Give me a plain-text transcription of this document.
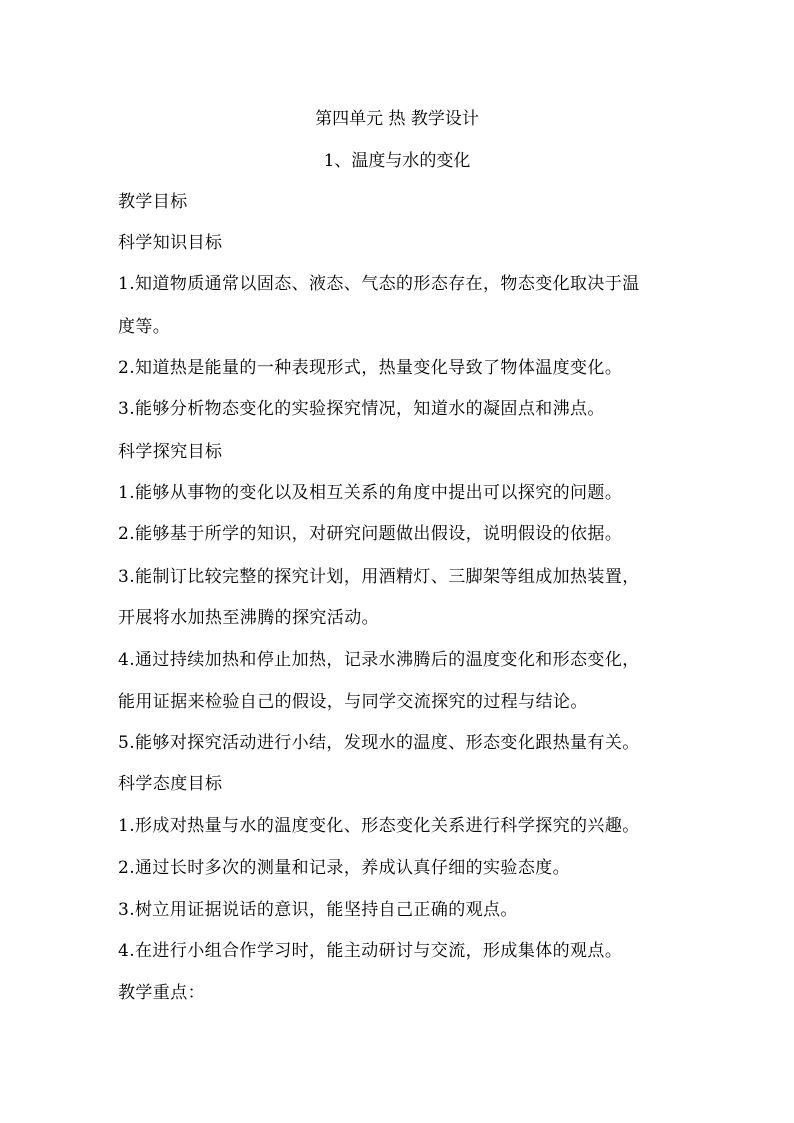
第四单元 热 教学设计
1、温度与水的变化
教学目标
科学知识目标
1.知道物质通常以固态、液态、气态的形态存在，物态变化取决于温
度等。
2.知道热是能量的一种表现形式，热量变化导致了物体温度变化。
3.能够分析物态变化的实验探究情况，知道水的凝固点和沸点。
科学探究目标
1.能够从事物的变化以及相互关系的角度中提出可以探究的问题。
2.能够基于所学的知识，对研究问题做出假设，说明假设的依据。
3.能制订比较完整的探究计划，用酒精灯、三脚架等组成加热装置，
开展将水加热至沸腾的探究活动。
4.通过持续加热和停止加热，记录水沸腾后的温度变化和形态变化，
能用证据来检验自己的假设，与同学交流探究的过程与结论。
5.能够对探究活动进行小结，发现水的温度、形态变化跟热量有关。
科学态度目标
1.形成对热量与水的温度变化、形态变化关系进行科学探究的兴趣。
2.通过长时多次的测量和记录，养成认真仔细的实验态度。
3.树立用证据说话的意识，能坚持自己正确的观点。
4.在进行小组合作学习时，能主动研讨与交流，形成集体的观点。
教学重点：
